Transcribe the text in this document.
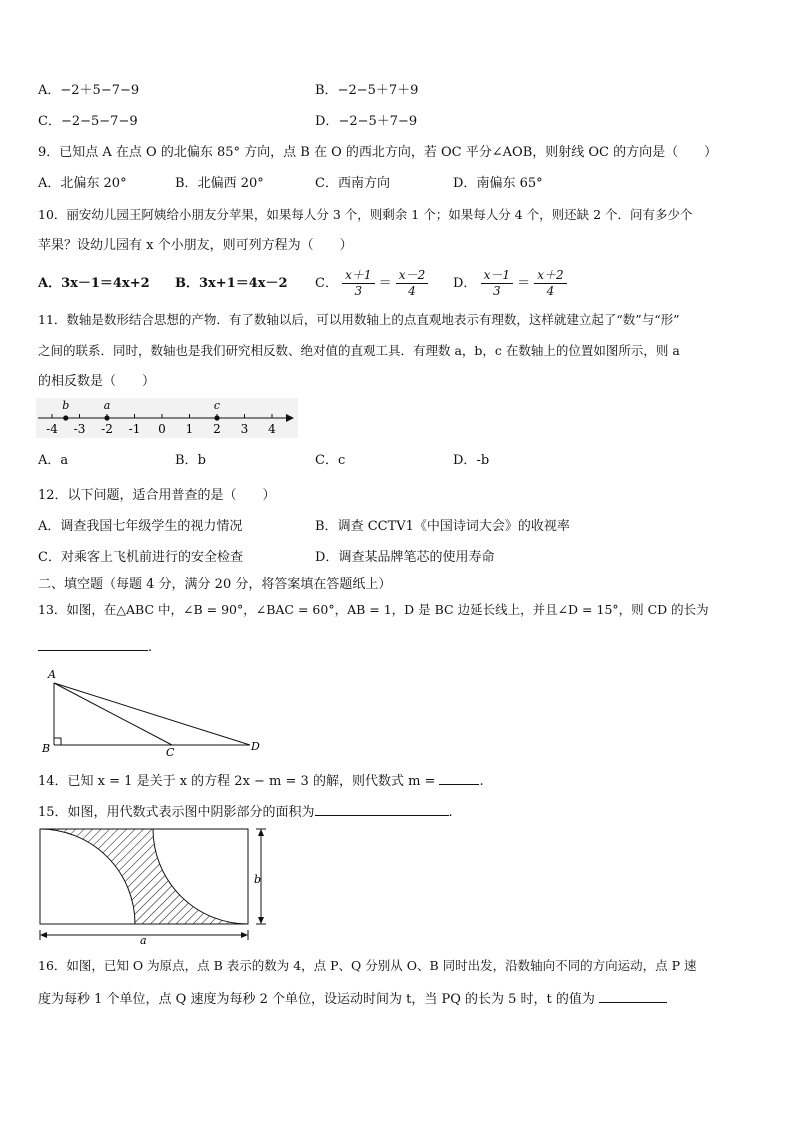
A．−2＋5−7−9	B．−2−5＋7＋9
C．−2−5−7−9	D．−2−5＋7−9
9．已知点 A 在点 O 的北偏东 85° 方向，点 B 在 O 的西北方向，若 OC 平分∠AOB，则射线 OC 的方向是（　　）
A．北偏东 20°	B．北偏西 20°	C．西南方向	D．南偏东 65°
10．丽安幼儿园王阿姨给小朋友分苹果，如果每人分 3 个，则剩余 1 个；如果每人分 4 个，则还缺 2 个．问有多少个
苹果？设幼儿园有 x 个小朋友，则可列方程为（　　）
A．3x－1＝4x+2 B．3x+1＝4x－2 C． $\frac{x+1}{3} = \frac{x-2}{4}$ D． $\frac{x-1}{3} = \frac{x+2}{4}$
11．数轴是数形结合思想的产物．有了数轴以后，可以用数轴上的点直观地表示有理数，这样就建立起了“数”与“形”
之间的联系．同时，数轴也是我们研究相反数、绝对值的直观工具．有理数 a，b，c 在数轴上的位置如图所示，则 a
的相反数是（　　）
-4 -3 -2 -1 0 1 2 3 4
b	a	c
A．a	B．b	C．c	D．-b
12．以下问题，适合用普查的是（　　）
A．调查我国七年级学生的视力情况	B．调查 CCTV1《中国诗词大会》的收视率
C．对乘客上飞机前进行的安全检查	D．调查某品牌笔芯的使用寿命
二、填空题（每题 4 分，满分 20 分，将答案填在答题纸上）
13．如图，在△ABC 中，∠B = 90°，∠BAC = 60°，AB = 1，D 是 BC 边延长线上，并且∠D = 15°，则 CD 的长为
.
A
B	C	D
14．已知 x = 1 是关于 x 的方程 2x − m = 3 的解，则代数式 m =	.
15．如图，用代数式表示图中阴影部分的面积为	.
a
b
16．如图，已知 O 为原点，点 B 表示的数为 4，点 P、Q 分别从 O、B 同时出发，沿数轴向不同的方向运动，点 P 速
度为每秒 1 个单位，点 Q 速度为每秒 2 个单位，设运动时间为 t，当 PQ 的长为 5 时，t 的值为
